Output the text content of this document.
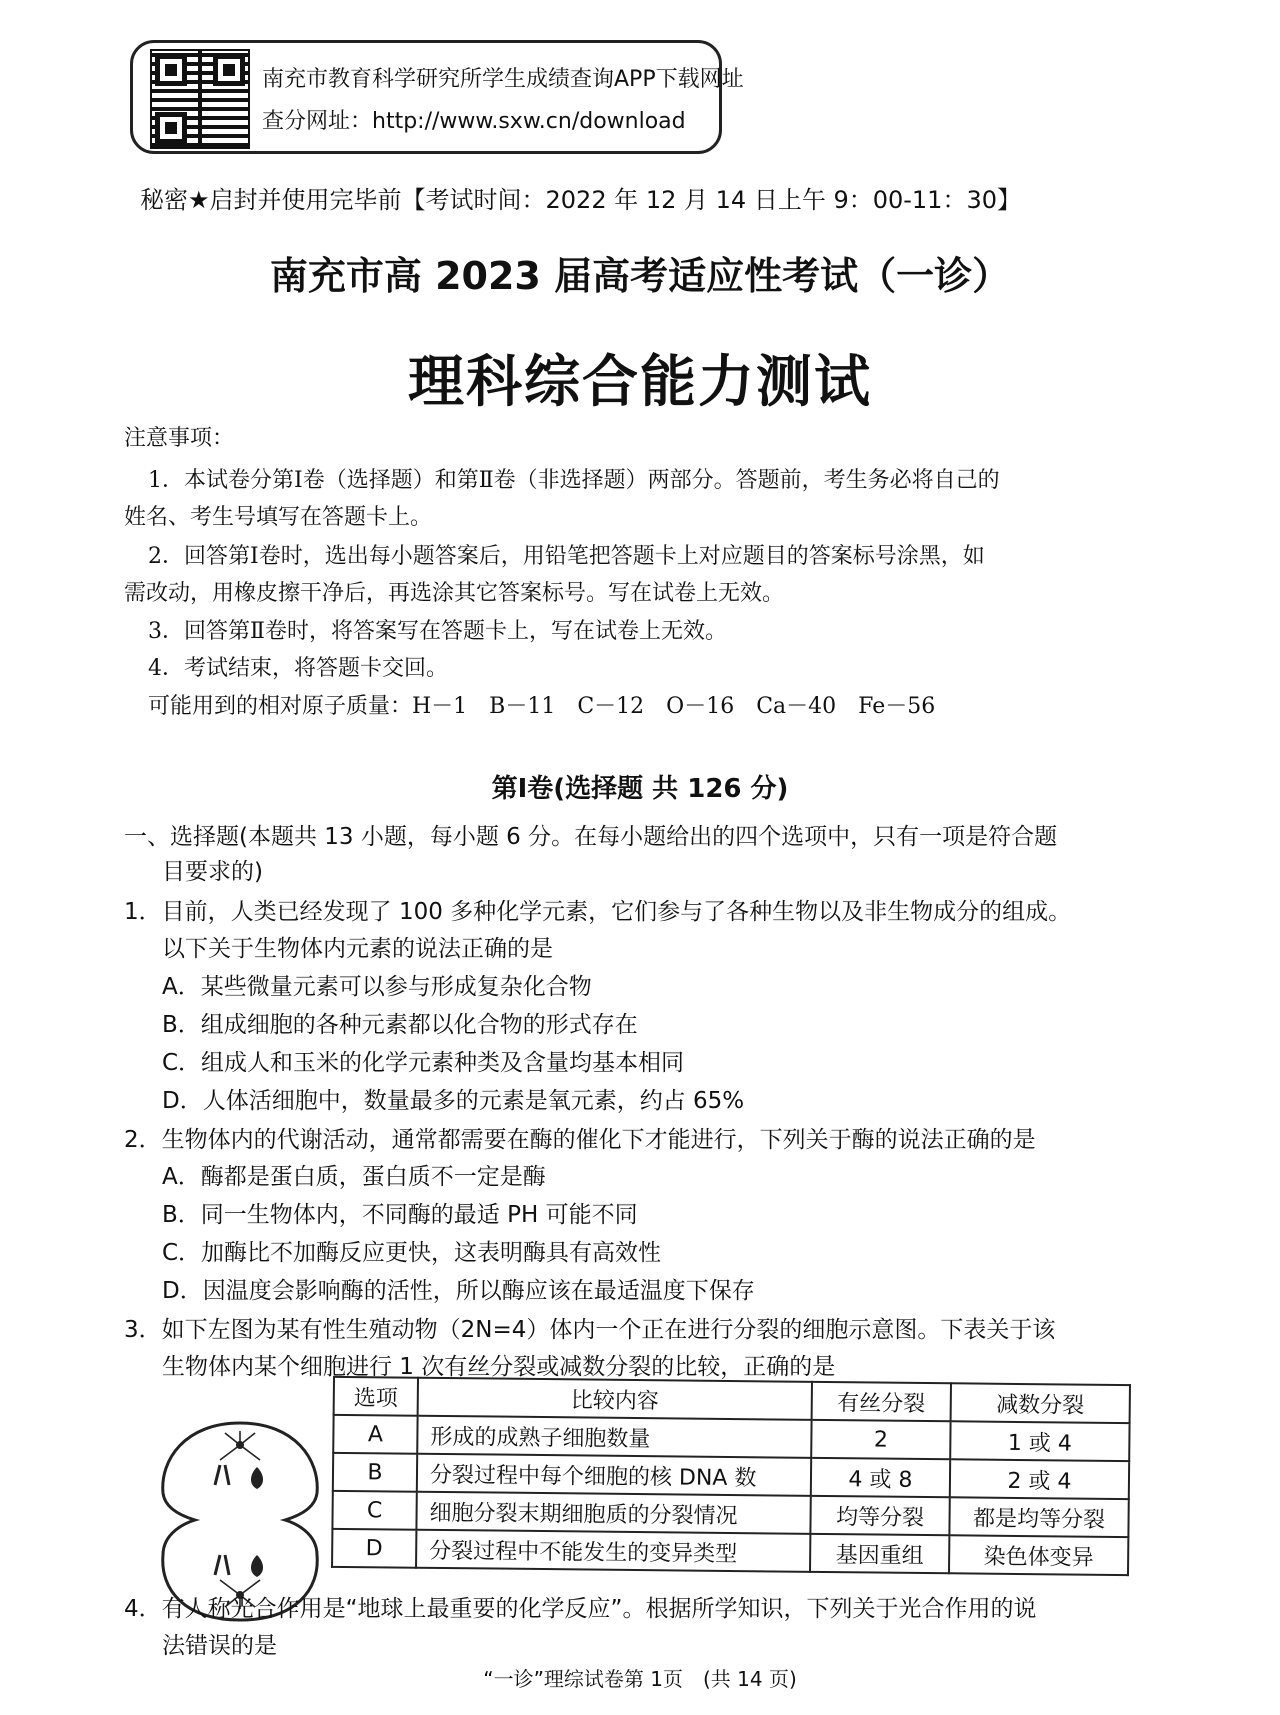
南充市教育科学研究所学生成绩查询APP下载网址
查分网址：http://www.sxw.cn/download
秘密★启封并使用完毕前【考试时间：2022 年 12 月 14 日上午 9：00-11：30】
南充市高 2023 届高考适应性考试（一诊）
理科综合能力测试
注意事项：
1．本试卷分第Ⅰ卷（选择题）和第Ⅱ卷（非选择题）两部分。答题前，考生务必将自己的
姓名、考生号填写在答题卡上。
2．回答第Ⅰ卷时，选出每小题答案后，用铅笔把答题卡上对应题目的答案标号涂黑，如
需改动，用橡皮擦干净后，再选涂其它答案标号。写在试卷上无效。
3．回答第Ⅱ卷时，将答案写在答题卡上，写在试卷上无效。
4．考试结束，将答题卡交回。
可能用到的相对原子质量：H－1　B－11　C－12　O－16　Ca－40　Fe－56
第Ⅰ卷(选择题 共 126 分)
一、选择题(本题共 13 小题，每小题 6 分。在每小题给出的四个选项中，只有一项是符合题
目要求的)
1．目前，人类已经发现了 100 多种化学元素，它们参与了各种生物以及非生物成分的组成。
以下关于生物体内元素的说法正确的是
A．某些微量元素可以参与形成复杂化合物
B．组成细胞的各种元素都以化合物的形式存在
C．组成人和玉米的化学元素种类及含量均基本相同
D．人体活细胞中，数量最多的元素是氧元素，约占 65%
2．生物体内的代谢活动，通常都需要在酶的催化下才能进行，下列关于酶的说法正确的是
A．酶都是蛋白质，蛋白质不一定是酶
B．同一生物体内，不同酶的最适 PH 可能不同
C．加酶比不加酶反应更快，这表明酶具有高效性
D．因温度会影响酶的活性，所以酶应该在最适温度下保存
3．如下左图为某有性生殖动物（2N=4）体内一个正在进行分裂的细胞示意图。下表关于该
生物体内某个细胞进行 1 次有丝分裂或减数分裂的比较，正确的是
选项	比较内容	有丝分裂	减数分裂
A	形成的成熟子细胞数量	2	1 或 4
B	分裂过程中每个细胞的核 DNA 数	4 或 8	2 或 4
C	细胞分裂末期细胞质的分裂情况	均等分裂	都是均等分裂
D	分裂过程中不能发生的变异类型	基因重组	染色体变异
4．有人称光合作用是“地球上最重要的化学反应”。根据所学知识，下列关于光合作用的说
法错误的是
“一诊”理综试卷第 1页　(共 14 页)
